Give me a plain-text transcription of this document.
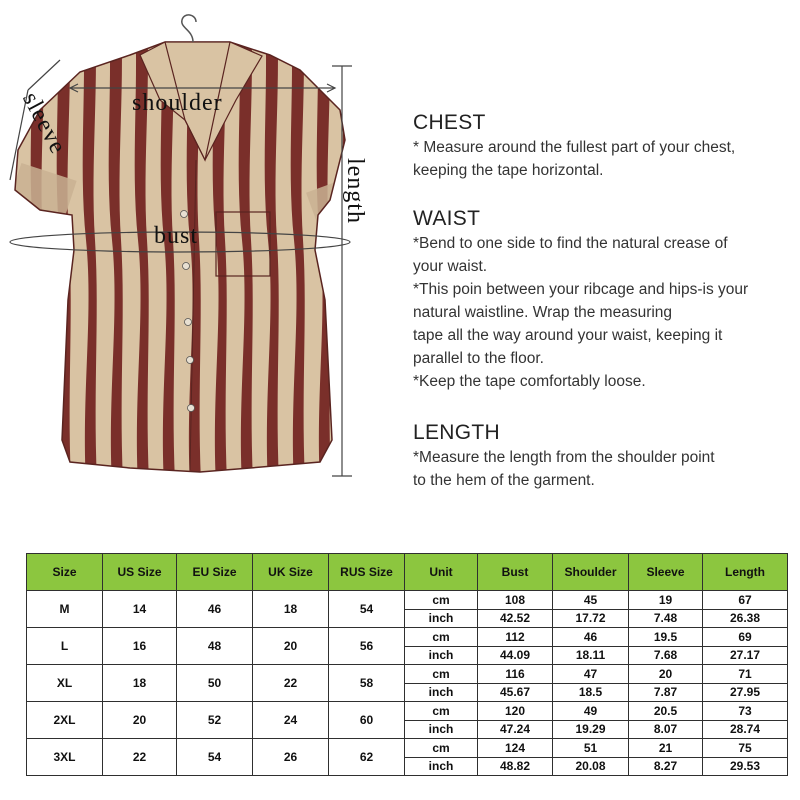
shoulder
bust
sleeve
length

CHEST

* Measure around the fullest part of your chest,

keeping the tape horizontal.

WAIST

*Bend to one side to find the natural crease of

your waist.

*This poin between your ribcage and hips-is your

natural waistline. Wrap the measuring

tape all the way around your waist, keeping it

parallel to the floor.

*Keep the tape comfortably loose.

LENGTH

*Measure the length from the shoulder point

to the hem of the garment.

Size	US Size	EU Size	UK Size	RUS Size	Unit	Bust	Shoulder	Sleeve	Length
M	14	46	18	54	cm	108	45	19	67
					inch	42.52	17.72	7.48	26.38
L	16	48	20	56	cm	112	46	19.5	69
					inch	44.09	18.11	7.68	27.17
XL	18	50	22	58	cm	116	47	20	71
					inch	45.67	18.5	7.87	27.95
2XL	20	52	24	60	cm	120	49	20.5	73
					inch	47.24	19.29	8.07	28.74
3XL	22	54	26	62	cm	124	51	21	75
					inch	48.82	20.08	8.27	29.53
